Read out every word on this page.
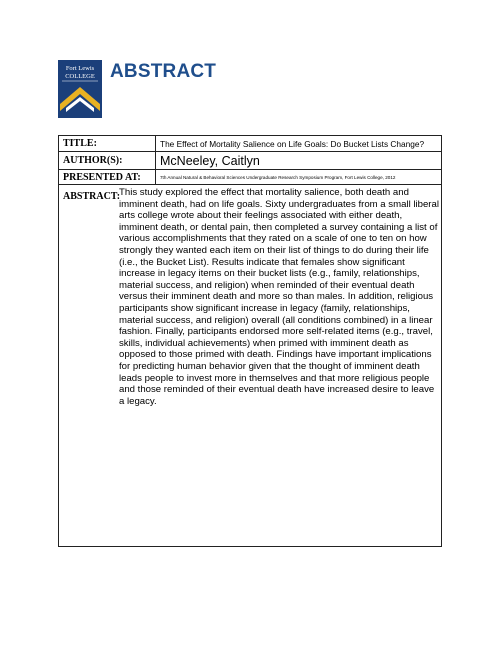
Fort Lewis
COLLEGE ABSTRACT
TITLE:	The Effect of Mortality Salience on Life Goals: Do Bucket Lists Change?
AUTHOR(S):	McNeeley, Caitlyn
PRESENTED AT:	7th Annual Natural & Behavioral Sciences Undergraduate Research Symposium Program, Fort Lewis College, 2012
ABSTRACT:
This study explored the effect that mortality salience, both death and imminent death, had on life goals. Sixty undergraduates from a small liberal arts college wrote about their feelings associated with either death, imminent death, or dental pain, then completed a survey containing a list of various accomplishments that they rated on a scale of one to ten on how strongly they wanted each item on their list of things to do during their life (i.e., the Bucket List). Results indicate that females show significant increase in legacy items on their bucket lists (e.g., family, relationships, material success, and religion) when reminded of their eventual death versus their imminent death and more so than males. In addition, religious participants show significant increase in legacy (family, relationships, material success, and religion) overall (all conditions combined) in a linear fashion. Finally, participants endorsed more self-related items (e.g., travel, skills, individual achievements) when primed with imminent death as opposed to those primed with death. Findings have important implications for predicting human behavior given that the thought of imminent death leads people to invest more in themselves and that more religious people and those reminded of their eventual death have increased desire to leave a legacy.
